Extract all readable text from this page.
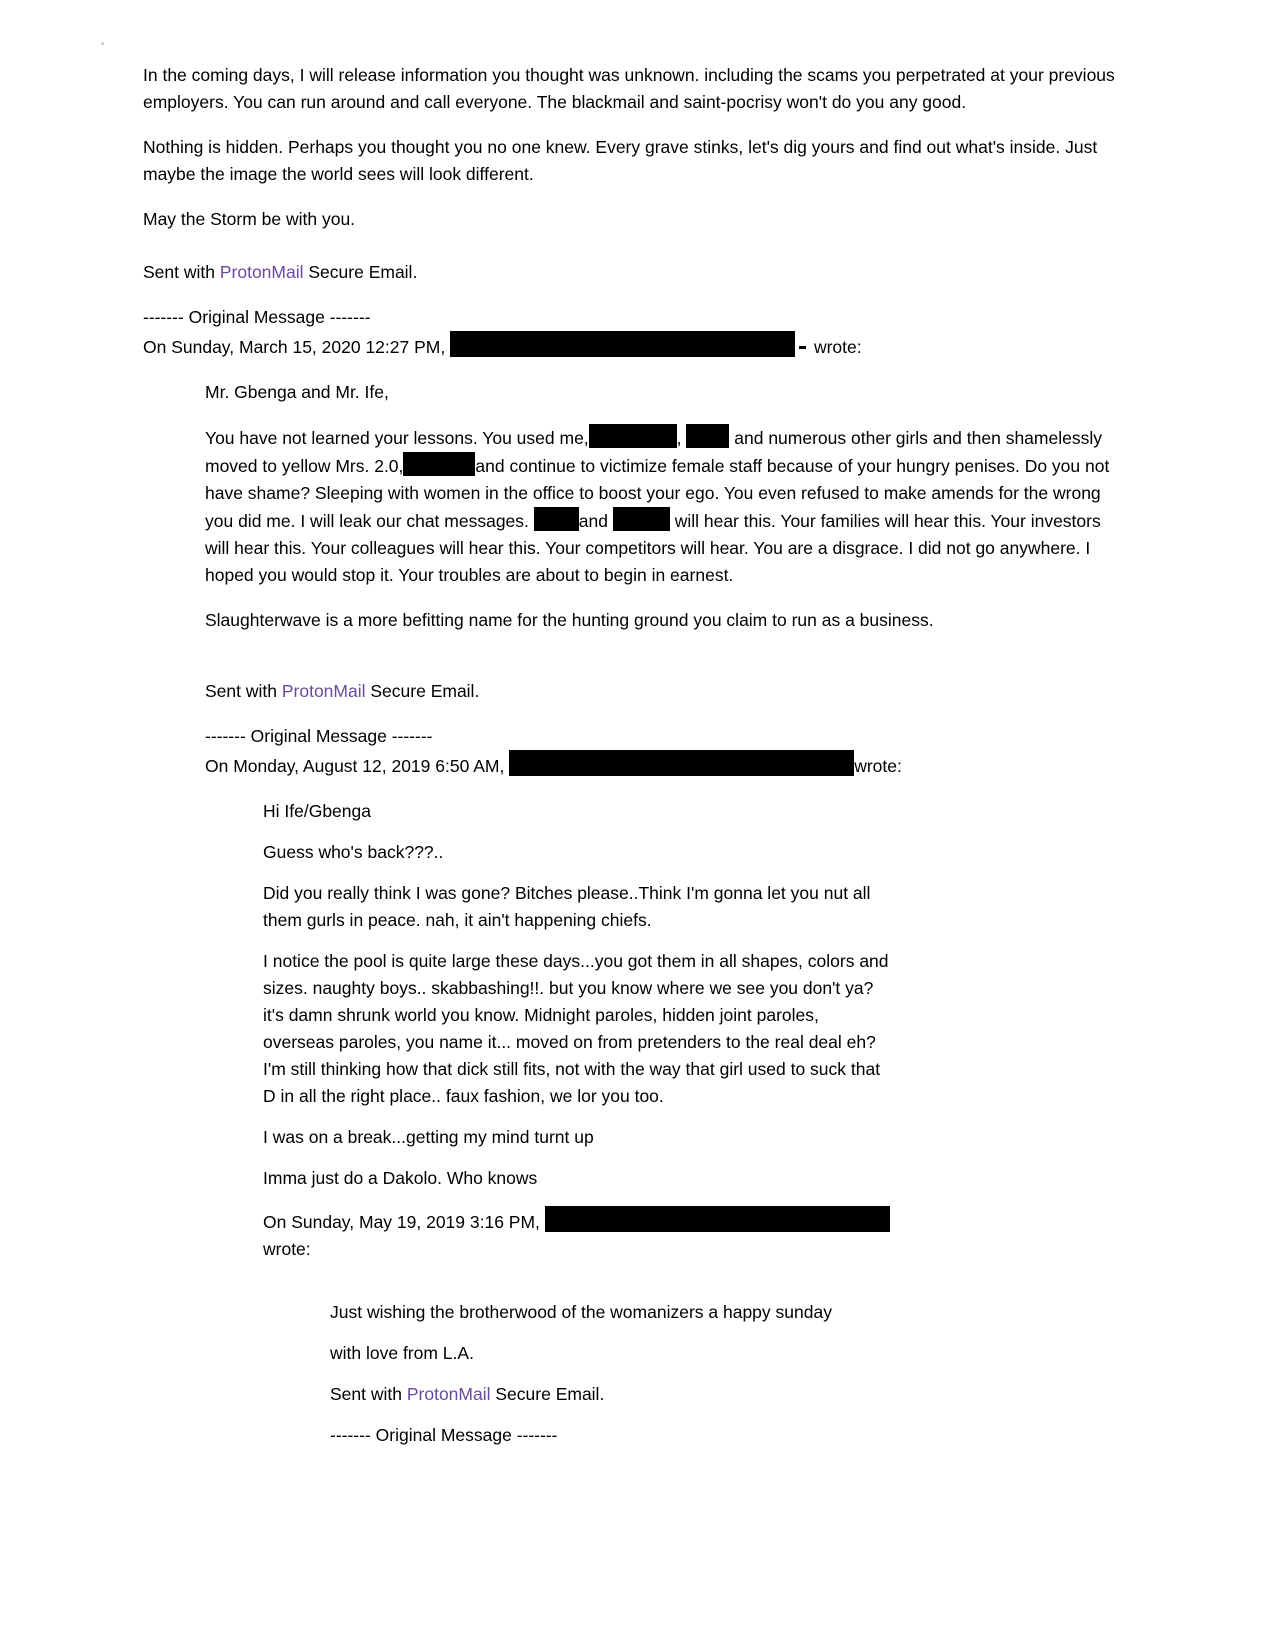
In the coming days, I will release information you thought was unknown. including the scams you perpetrated at your previous employers. You can run around and call everyone. The blackmail and saint-pocrisy won't do you any good.

Nothing is hidden. Perhaps you thought you no one knew. Every grave stinks, let's dig yours and find out what's inside. Just maybe the image the world sees will look different.

May the Storm be with you.

Sent with ProtonMail Secure Email.

------- Original Message -------

On Sunday, March 15, 2020 12:27 PM,	wrote:

Mr. Gbenga and Mr. Ife,

You have not learned your lessons. You used me,	,  and numerous other girls and then shamelessly moved to yellow Mrs. 2.0,	and continue to victimize female staff because of your hungry penises. Do you not have shame? Sleeping with women in the office to boost your ego. You even refused to make amends for the wrong you did me. I will leak our chat messages.	and	will hear this. Your families will hear this. Your investors will hear this. Your colleagues will hear this. Your competitors will hear. You are a disgrace. I did not go anywhere. I hoped you would stop it. Your troubles are about to begin in earnest.

Slaughterwave is a more befitting name for the hunting ground you claim to run as a business.

Sent with ProtonMail Secure Email.

------- Original Message -------

On Monday, August 12, 2019 6:50 AM,	wrote:

Hi Ife/Gbenga

Guess who's back???..

Did you really think I was gone? Bitches please..Think I'm gonna let you nut all them gurls in peace. nah, it ain't happening chiefs.

I notice the pool is quite large these days...you got them in all shapes, colors and sizes. naughty boys.. skabbashing!!. but you know where we see you don't ya? it's damn shrunk world you know. Midnight paroles, hidden joint paroles, overseas paroles, you name it... moved on from pretenders to the real deal eh? I'm still thinking how that dick still fits, not with the way that girl used to suck that D in all the right place.. faux fashion, we lor you too.

I was on a break...getting my mind turnt up

Imma just do a Dakolo. Who knows

On Sunday, May 19, 2019 3:16 PM, wrote:

Just wishing the brotherwood of the womanizers a happy sunday

with love from L.A.

Sent with ProtonMail Secure Email.

------- Original Message -------
